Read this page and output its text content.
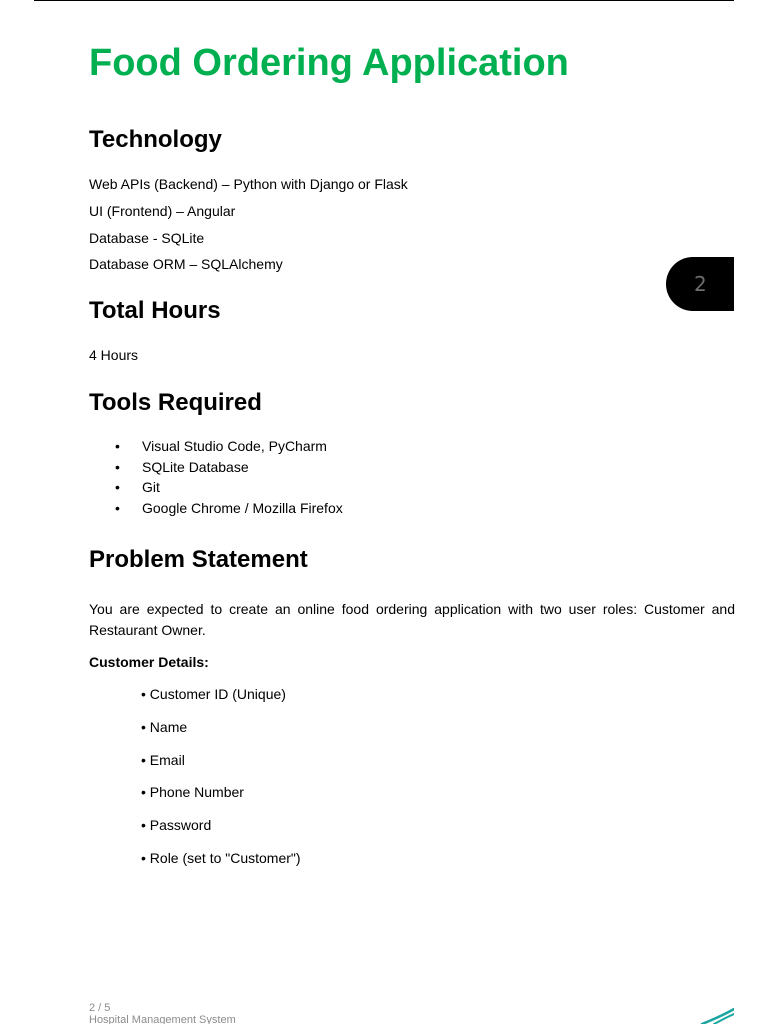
Food Ordering Application
Technology
Web APIs (Backend) – Python with Django or Flask
UI (Frontend) – Angular
Database - SQLite
Database ORM – SQLAlchemy
Total Hours
4 Hours
Tools Required
• Visual Studio Code, PyCharm
• SQLite Database
• Git
• Google Chrome / Mozilla Firefox
Problem Statement
You are expected to create an online food ordering application with two user roles: Customer and Restaurant Owner.
Customer Details:
• Customer ID (Unique)
• Name
• Email
• Phone Number
• Password
• Role (set to "Customer")
2
2 / 5
Hospital Management System
